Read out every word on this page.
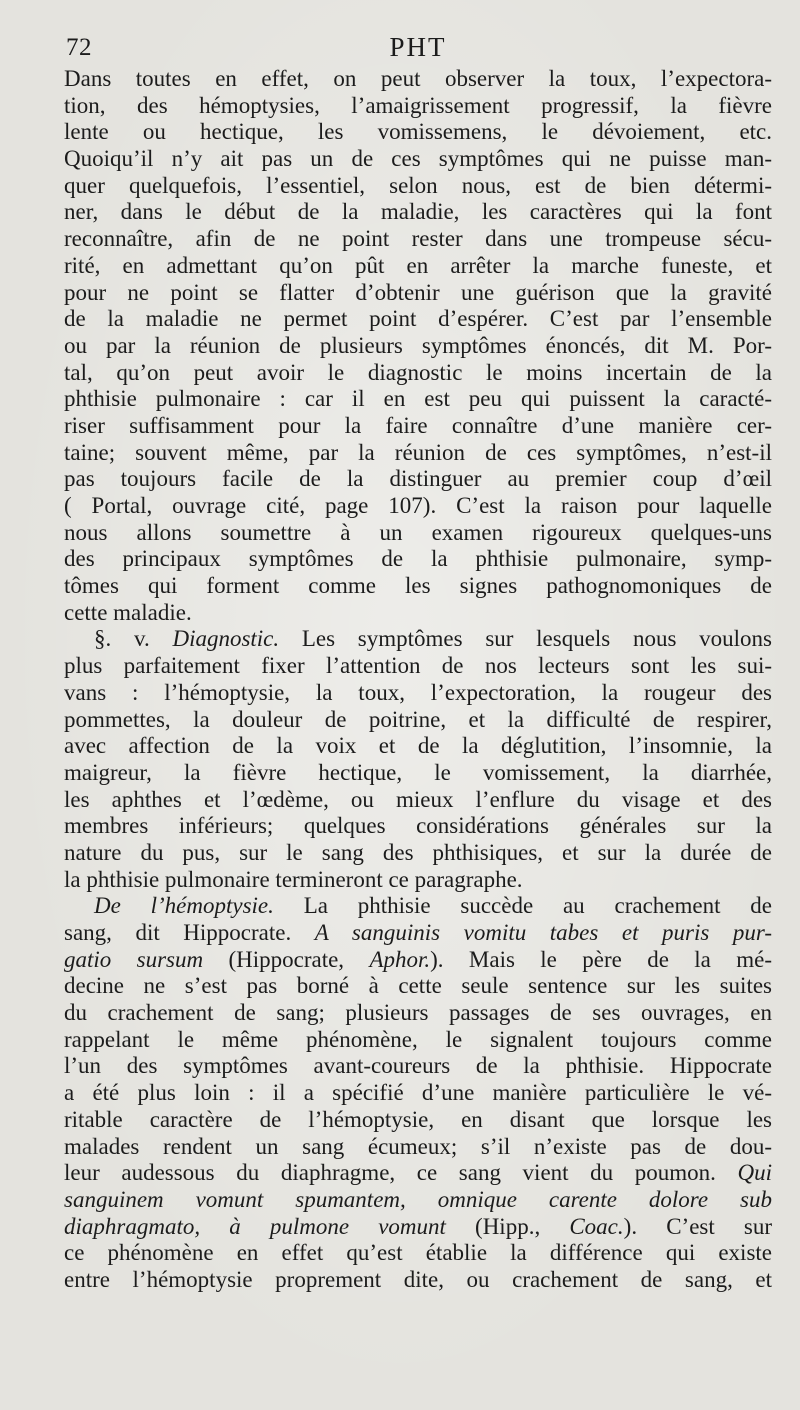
72	PHT
Dans toutes en effet, on peut observer la toux, l’expectora-
tion, des hémoptysies, l’amaigrissement progressif, la fièvre
lente ou hectique, les vomissemens, le dévoiement, etc.
Quoiqu’il n’y ait pas un de ces symptômes qui ne puisse man-
quer quelquefois, l’essentiel, selon nous, est de bien détermi-
ner, dans le début de la maladie, les caractères qui la font
reconnaître, afin de ne point rester dans une trompeuse sécu-
rité, en admettant qu’on pût en arrêter la marche funeste, et
pour ne point se flatter d’obtenir une guérison que la gravité
de la maladie ne permet point d’espérer. C’est par l’ensemble
ou par la réunion de plusieurs symptômes énoncés, dit M. Por-
tal, qu’on peut avoir le diagnostic le moins incertain de la
phthisie pulmonaire : car il en est peu qui puissent la caracté-
riser suffisamment pour la faire connaître d’une manière cer-
taine; souvent même, par la réunion de ces symptômes, n’est-il
pas toujours facile de la distinguer au premier coup d’œil
( Portal, ouvrage cité, page 107). C’est la raison pour laquelle
nous allons soumettre à un examen rigoureux quelques-uns
des principaux symptômes de la phthisie pulmonaire, symp-
tômes qui forment comme les signes pathognomoniques de
cette maladie.
§. v. Diagnostic. Les symptômes sur lesquels nous voulons
plus parfaitement fixer l’attention de nos lecteurs sont les sui-
vans : l’hémoptysie, la toux, l’expectoration, la rougeur des
pommettes, la douleur de poitrine, et la difficulté de respirer,
avec affection de la voix et de la déglutition, l’insomnie, la
maigreur, la fièvre hectique, le vomissement, la diarrhée,
les aphthes et l’œdème, ou mieux l’enflure du visage et des
membres inférieurs; quelques considérations générales sur la
nature du pus, sur le sang des phthisiques, et sur la durée de
la phthisie pulmonaire termineront ce paragraphe.
De l’hémoptysie. La phthisie succède au crachement de
sang, dit Hippocrate. A sanguinis vomitu tabes et puris pur-
gatio sursum (Hippocrate, Aphor.). Mais le père de la mé-
decine ne s’est pas borné à cette seule sentence sur les suites
du crachement de sang; plusieurs passages de ses ouvrages, en
rappelant le même phénomène, le signalent toujours comme
l’un des symptômes avant-coureurs de la phthisie. Hippocrate
a été plus loin : il a spécifié d’une manière particulière le vé-
ritable caractère de l’hémoptysie, en disant que lorsque les
malades rendent un sang écumeux; s’il n’existe pas de dou-
leur audessous du diaphragme, ce sang vient du poumon. Qui
sanguinem vomunt spumantem, omnique carente dolore sub
diaphragmato, à pulmone vomunt (Hipp., Coac.). C’est sur
ce phénomène en effet qu’est établie la différence qui existe
entre l’hémoptysie proprement dite, ou crachement de sang, et
